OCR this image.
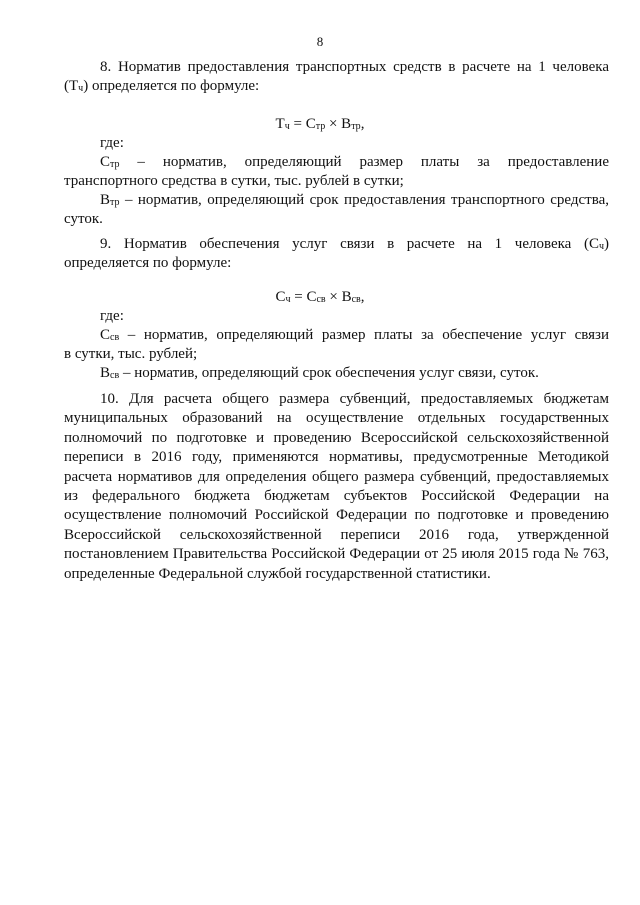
8

8. Норматив предоставления транспортных средств в расчете на 1 человека (Тч) определяется по формуле:

Тч = Стр × Втр,
где:
Стр – норматив, определяющий размер платы за предоставление
транспортного средства в сутки, тыс. рублей в сутки;
Втр – норматив, определяющий срок предоставления транспортного средства,
суток.
9. Норматив обеспечения услуг связи в расчете на 1 человека (Сч)
определяется по формуле:
Сч = Ссв × Всв,
где:
Ссв – норматив, определяющий размер платы за обеспечение услуг связи
в сутки, тыс. рублей;
Всв – норматив, определяющий срок обеспечения услуг связи, суток.

10. Для расчета общего размера субвенций, предоставляемых бюджетам муниципальных образований на осуществление отдельных государственных полномочий по подготовке и проведению Всероссийской сельскохозяйственной переписи в 2016 году, применяются нормативы, предусмотренные Методикой расчета нормативов для определения общего размера субвенций, предоставляемых из федерального бюджета бюджетам субъектов Российской Федерации на осуществление полномочий Российской Федерации по подготовке и проведению Всероссийской сельскохозяйственной переписи 2016 года, утвержденной постановлением Правительства Российской Федерации от 25 июля 2015 года № 763, определенные Федеральной службой государственной статистики.
